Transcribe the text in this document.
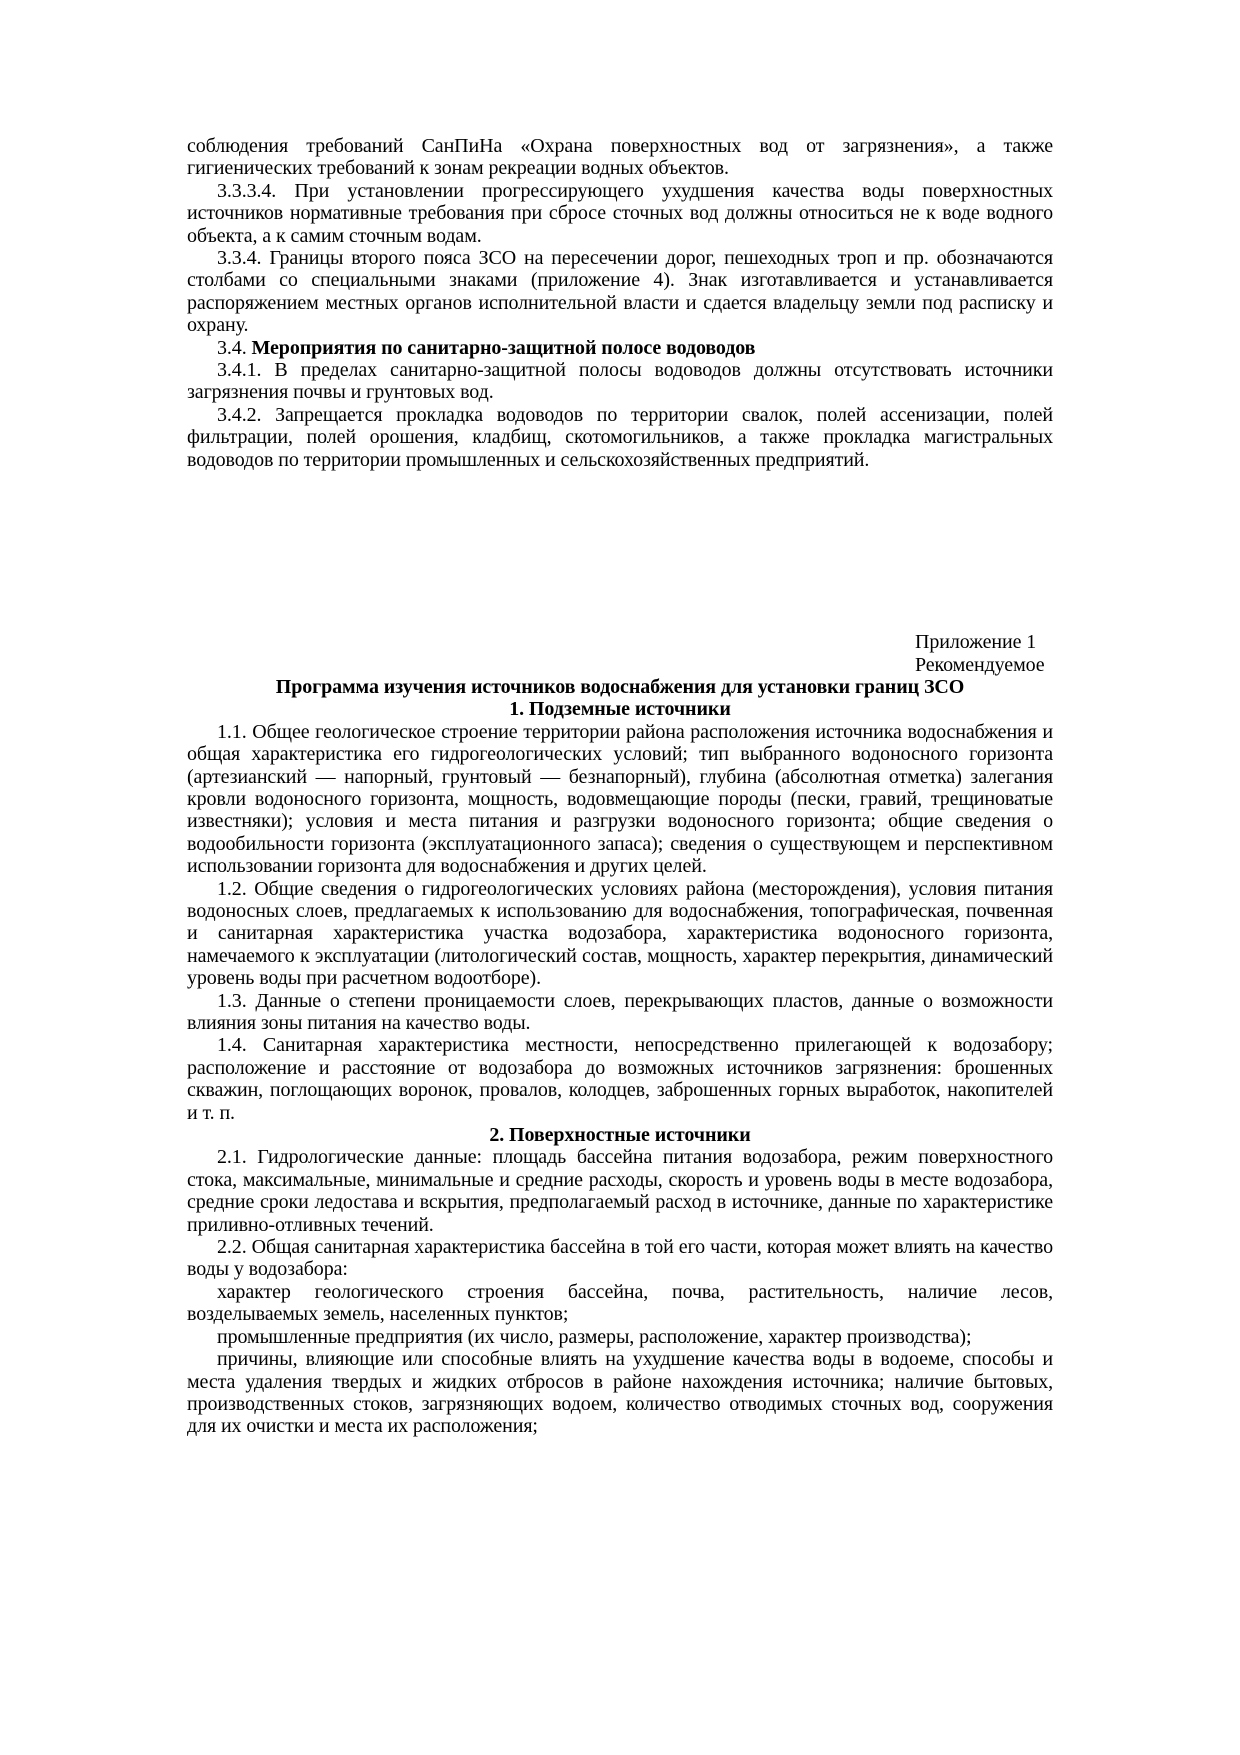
соблюдения требований СанПиНа «Охрана поверхностных вод от загрязнения», а также гигиенических требований к зонам рекреации водных объектов.

3.3.3.4. При установлении прогрессирующего ухудшения качества воды поверхностных источников нормативные требования при сбросе сточных вод должны относиться не к воде водного объекта, а к самим сточным водам.

3.3.4. Границы второго пояса ЗСО на пересечении дорог, пешеходных троп и пр. обозначаются столбами со специальными знаками (приложение 4). Знак изготавливается и устанавливается распоряжением местных органов исполнительной власти и сдается владельцу земли под расписку и охрану.

3.4. Мероприятия по санитарно-защитной полосе водоводов

3.4.1. В пределах санитарно-защитной полосы водоводов должны отсутствовать источники загрязнения почвы и грунтовых вод.

3.4.2. Запрещается прокладка водоводов по территории свалок, полей ассенизации, полей фильтрации, полей орошения, кладбищ, скотомогильников, а также прокладка магистральных водоводов по территории промышленных и сельскохозяйственных предприятий.

Приложение 1

Рекомендуемое

Программа изучения источников водоснабжения для установки границ ЗСО

1. Подземные источники

1.1. Общее геологическое строение территории района расположения источника водоснабжения и общая характеристика его гидрогеологических условий; тип выбранного водоносного горизонта (артезианский — напорный, грунтовый — безнапорный), глубина (абсолютная отметка) залегания кровли водоносного горизонта, мощность, водовмещающие породы (пески, гравий, трещиноватые известняки); условия и места питания и разгрузки водоносного горизонта; общие сведения о водообильности горизонта (эксплуатационного запаса); сведения о существующем и перспективном использовании горизонта для водоснабжения и других целей.

1.2. Общие сведения о гидрогеологических условиях района (месторождения), условия питания водоносных слоев, предлагаемых к использованию для водоснабжения, топографическая, почвенная и санитарная характеристика участка водозабора, характеристика водоносного горизонта, намечаемого к эксплуатации (литологический состав, мощность, характер перекрытия, динамический уровень воды при расчетном водоотборе).

1.3. Данные о степени проницаемости слоев, перекрывающих пластов, данные о возможности влияния зоны питания на качество воды.

1.4. Санитарная характеристика местности, непосредственно прилегающей к водозабору; расположение и расстояние от водозабора до возможных источников загрязнения: брошенных скважин, поглощающих воронок, провалов, колодцев, заброшенных горных выработок, накопителей и т. п.

2. Поверхностные источники

2.1. Гидрологические данные: площадь бассейна питания водозабора, режим поверхностного стока, максимальные, минимальные и средние расходы, скорость и уровень воды в месте водозабора, средние сроки ледостава и вскрытия, предполагаемый расход в источнике, данные по характеристике приливно-отливных течений.

2.2. Общая санитарная характеристика бассейна в той его части, которая может влиять на качество воды у водозабора:

характер геологического строения бассейна, почва, растительность, наличие лесов, возделываемых земель, населенных пунктов;

промышленные предприятия (их число, размеры, расположение, характер производства);

причины, влияющие или способные влиять на ухудшение качества воды в водоеме, способы и места удаления твердых и жидких отбросов в районе нахождения источника; наличие бытовых, производственных стоков, загрязняющих водоем, количество отводимых сточных вод, сооружения для их очистки и места их расположения;
